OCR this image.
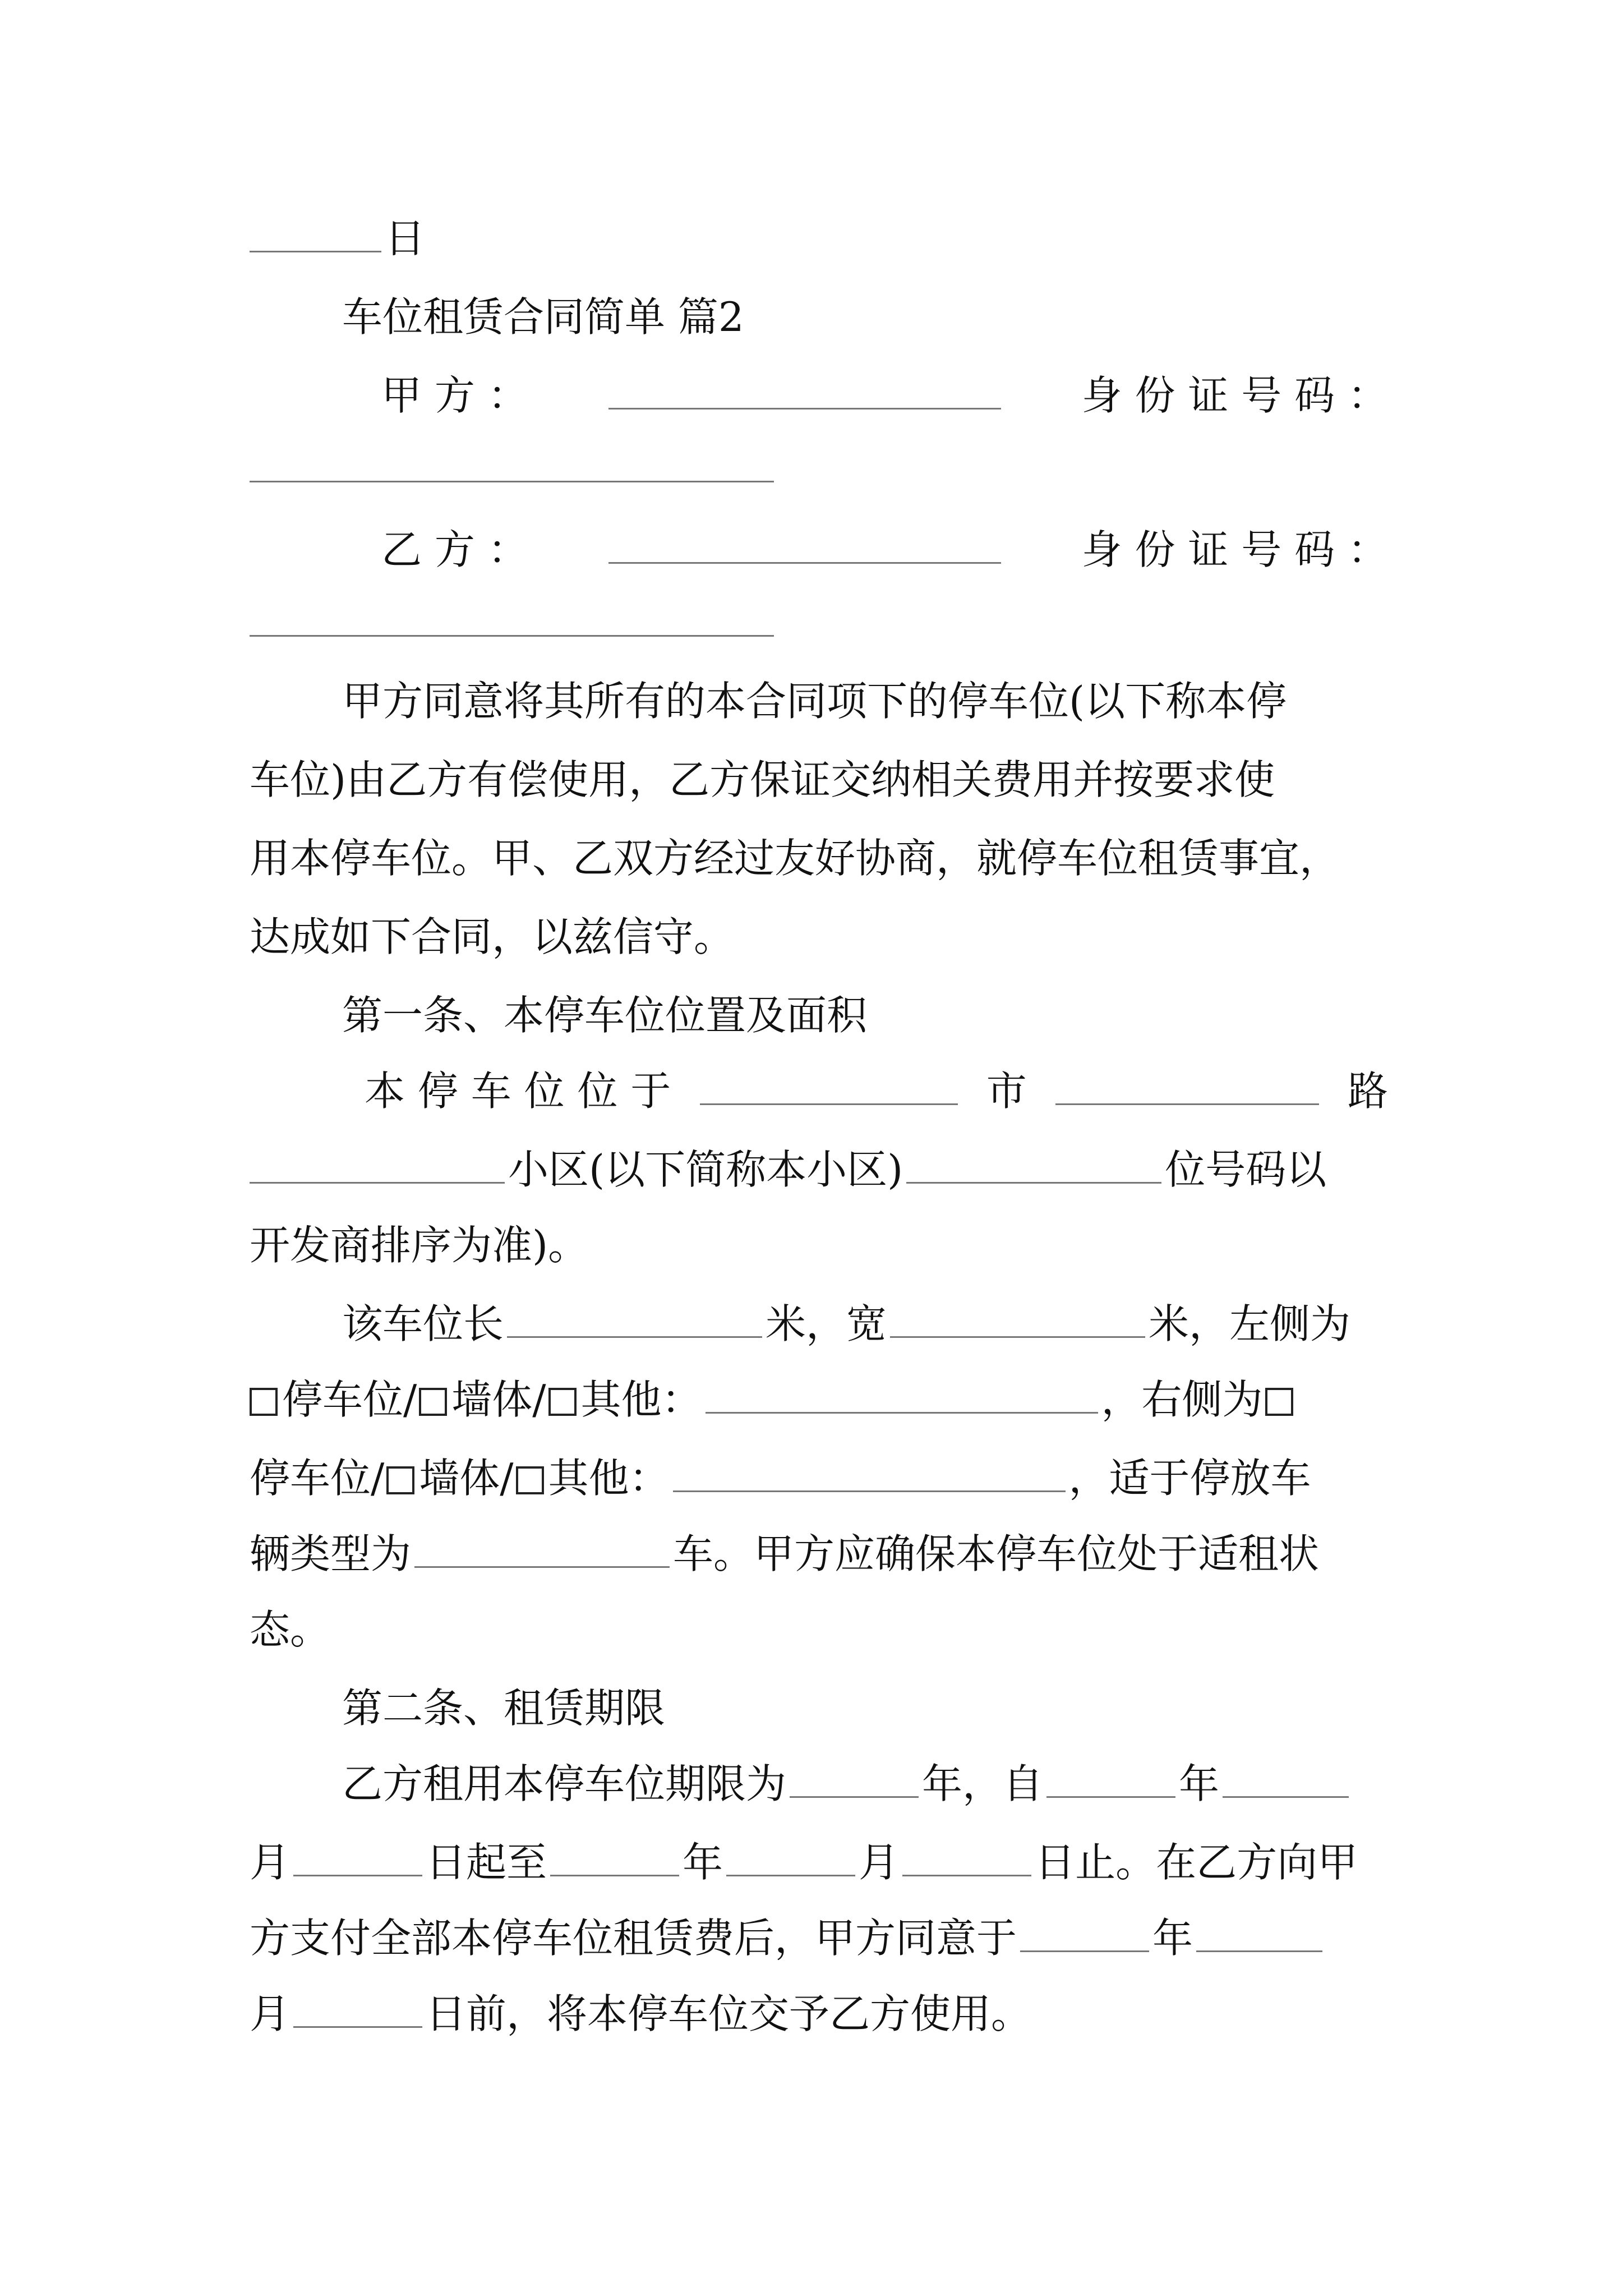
日
车位租赁合同简单 篇2
甲 方 ：	身 份 证 号 码 ：
乙 方 ：	身 份 证 号 码 ：
甲方同意将其所有的本合同项下的停车位(以下称本停
车位)由乙方有偿使用，乙方保证交纳相关费用并按要求使
用本停车位。甲、乙双方经过友好协商，就停车位租赁事宜，
达成如下合同，以兹信守。
第一条、本停车位位置及面积
本 停 车 位 位 于	市	路
小区(以下简称本小区)	位号码以
开发商排序为准)。
该车位长	米，宽	米，左侧为
停车位/ 墙体/ 其他：	，右侧为
停车位/ 墙体/ 其他：	，适于停放车
辆类型为	车。甲方应确保本停车位处于适租状
态。
第二条、租赁期限
乙方租用本停车位期限为	年，自	年
月	日起至	年	月	日止。在乙方向甲
方支付全部本停车位租赁费后，甲方同意于	年
月	日前，将本停车位交予乙方使用。
